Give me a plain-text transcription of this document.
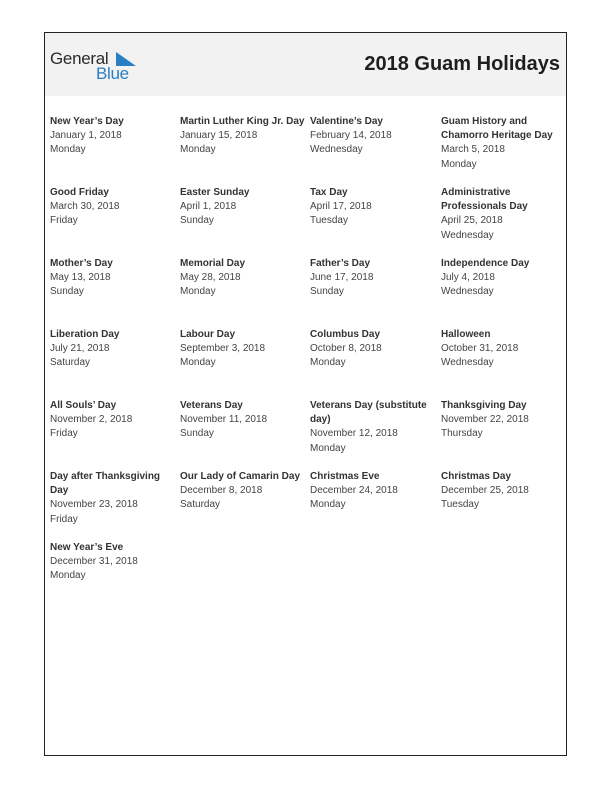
General
Blue	2018 Guam Holidays
New Year’s Day
January 1, 2018
Monday
Martin Luther King Jr. Day
January 15, 2018
Monday
Valentine’s Day
February 14, 2018
Wednesday
Guam History and Chamorro Heritage Day
March 5, 2018
Monday
Good Friday
March 30, 2018
Friday
Easter Sunday
April 1, 2018
Sunday
Tax Day
April 17, 2018
Tuesday
Administrative Professionals Day
April 25, 2018
Wednesday
Mother’s Day
May 13, 2018
Sunday
Memorial Day
May 28, 2018
Monday
Father’s Day
June 17, 2018
Sunday
Independence Day
July 4, 2018
Wednesday
Liberation Day
July 21, 2018
Saturday
Labour Day
September 3, 2018
Monday
Columbus Day
October 8, 2018
Monday
Halloween
October 31, 2018
Wednesday
All Souls’ Day
November 2, 2018
Friday
Veterans Day
November 11, 2018
Sunday
Veterans Day (substitute day)
November 12, 2018
Monday
Thanksgiving Day
November 22, 2018
Thursday
Day after Thanksgiving Day
November 23, 2018
Friday
Our Lady of Camarin Day
December 8, 2018
Saturday
Christmas Eve
December 24, 2018
Monday
Christmas Day
December 25, 2018
Tuesday
New Year’s Eve
December 31, 2018
Monday
